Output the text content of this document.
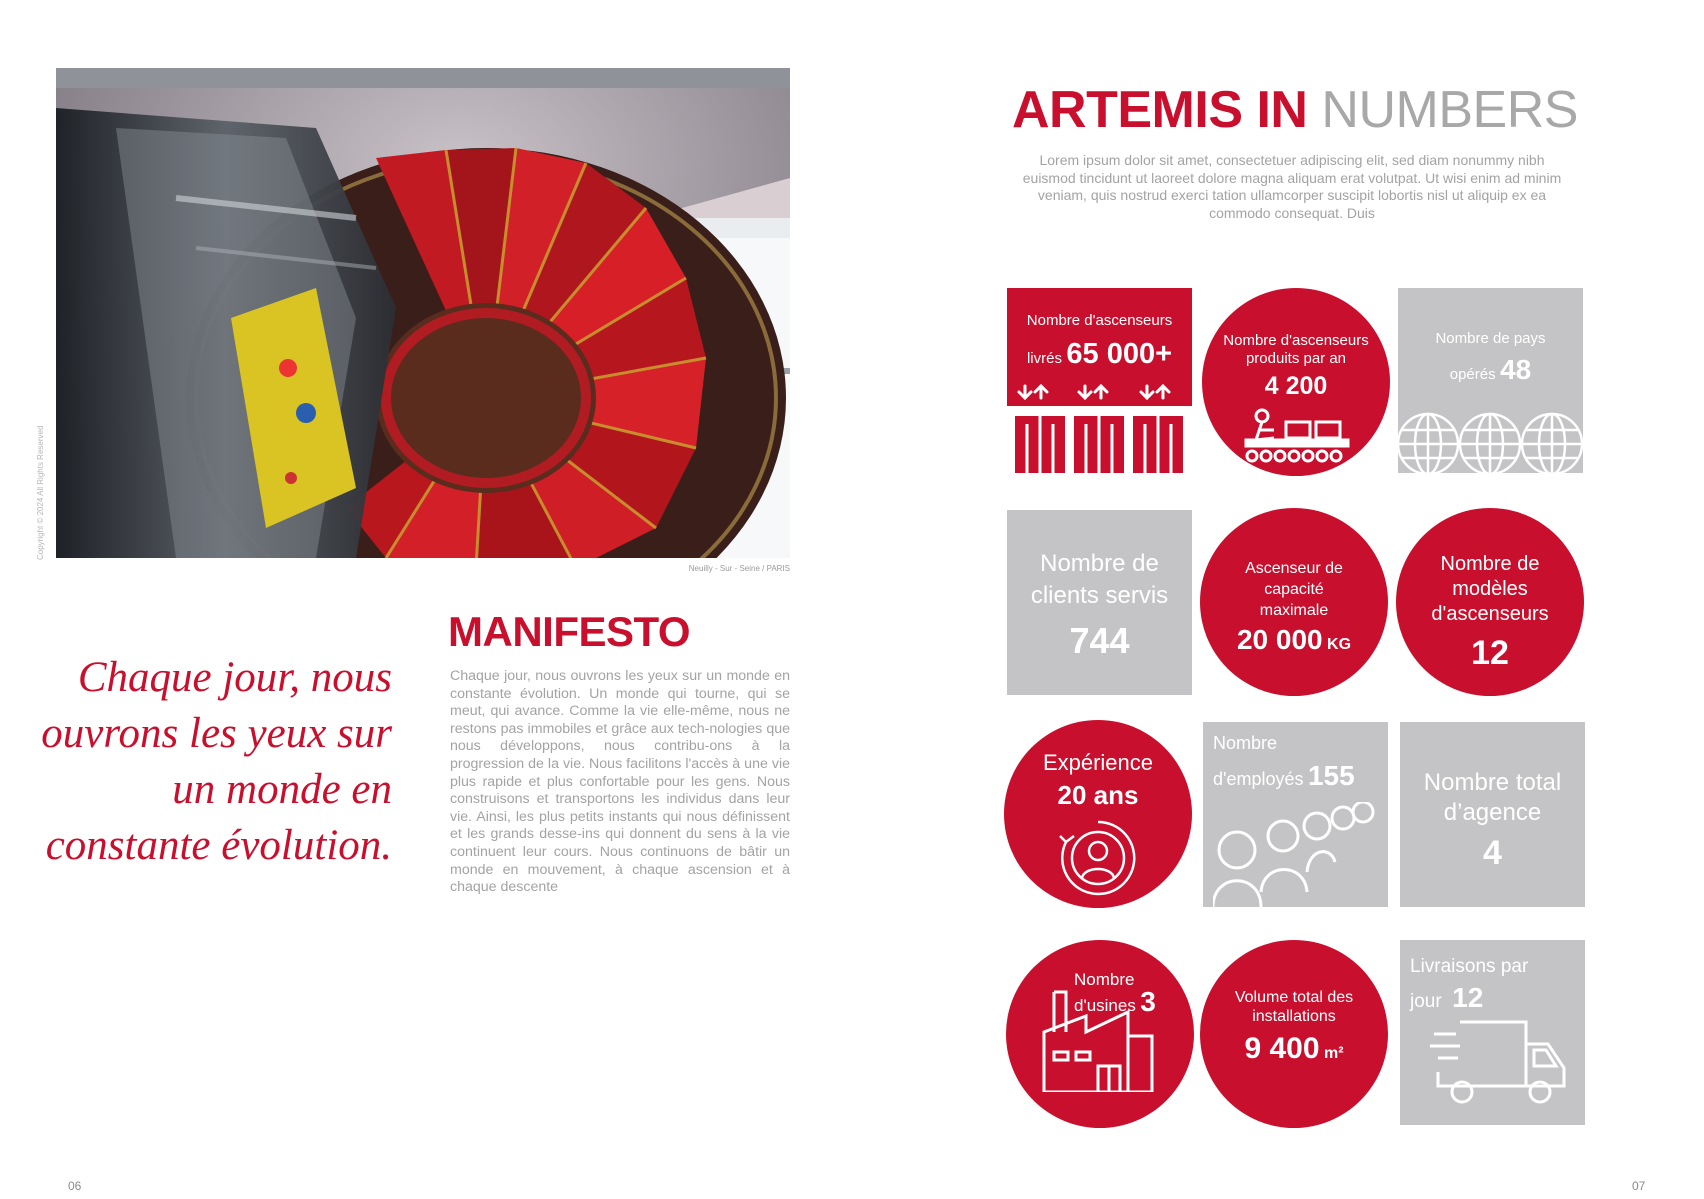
Copyright © 2024 All Rights Reserved
Neuilly - Sur - Seine / PARIS
Chaque jour, nous
ouvrons les yeux sur
un monde en
constante évolution.
MANIFESTO
Chaque jour, nous ouvrons les yeux sur un monde en constante évolution. Un monde qui tourne, qui se meut, qui avance. Comme la vie elle-même, nous ne restons pas immobiles et grâce aux tech-nologies que nous développons, nous contribu-ons à la progression de la vie. Nous facilitons l'accès à une vie plus rapide et plus confortable pour les gens. Nous construisons et transportons les individus dans leur vie. Ainsi, les plus petits instants qui nous définissent et les grands desse-ins qui donnent du sens à la vie continuent leur cours. Nous continuons de bâtir un monde en mouvement, à chaque ascension et à chaque descente
06
ARTEMIS IN NUMBERS
Lorem ipsum dolor sit amet, consectetuer adipiscing elit, sed diam nonummy nibh euismod tincidunt ut laoreet dolore magna aliquam erat volutpat. Ut wisi enim ad minim veniam, quis nostrud exerci tation ullamcorper suscipit lobortis nisl ut aliquip ex ea commodo consequat. Duis
Nombre d'ascenseurs
livrés 65 000+	Nombre d'ascenseurs produits par an
4 200
Nombre de pays
opérés 48
Nombre de clients servis
744
Ascenseur de capacité maximale
20 000 KG
Nombre de modèles d'ascenseurs
12
Expérience
20 ans
Nombre
d'employés 155	Nombre total d’agence
4
Nombre
d'usines 3	Volume total des installations
9 400 m²
Livraisons par
jour 12
07
